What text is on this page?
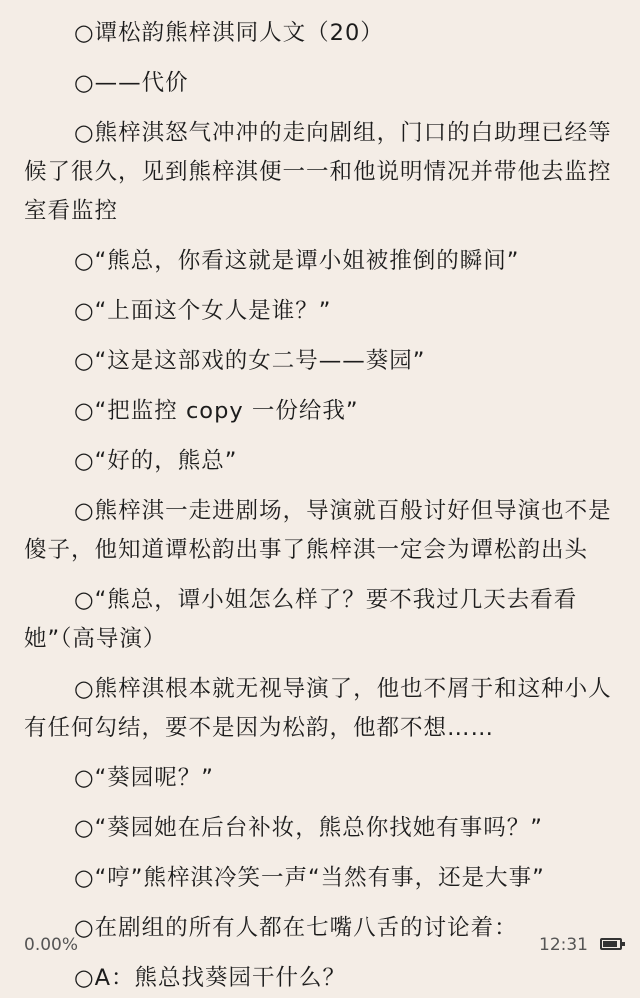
○谭松韵熊梓淇同人文（20）

○——代价

○熊梓淇怒气冲冲的走向剧组，门口的白助理已经等候了很久，见到熊梓淇便一一和他说明情况并带他去监控室看监控

○“熊总，你看这就是谭小姐被推倒的瞬间”

○“上面这个女人是谁？”

○“这是这部戏的女二号——葵园”

○“把监控 copy 一份给我”

○“好的，熊总”

○熊梓淇一走进剧场，导演就百般讨好但导演也不是傻子，他知道谭松韵出事了熊梓淇一定会为谭松韵出头

○“熊总，谭小姐怎么样了？要不我过几天去看看她”（高导演）

○熊梓淇根本就无视导演了，他也不屑于和这种小人有任何勾结，要不是因为松韵，他都不想……

○“葵园呢？”

○“葵园她在后台补妆，熊总你找她有事吗？”

○“哼”熊梓淇冷笑一声“当然有事，还是大事”

○在剧组的所有人都在七嘴八舌的讨论着：

○A：熊总找葵园干什么？

0.00%	12:31
